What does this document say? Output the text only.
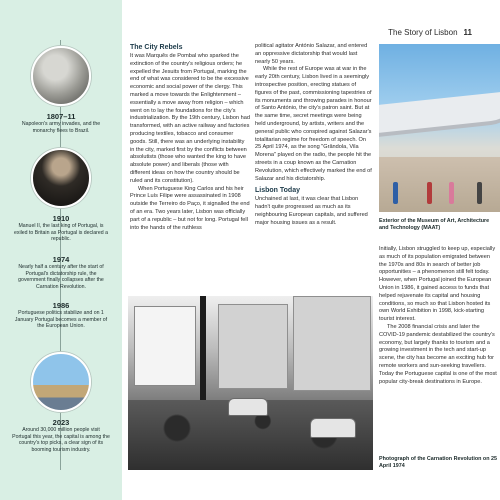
1807–11
Napoleon's army invades, and the monarchy flees to Brazil.
1910
Manuel II, the last king of Portugal, is exiled to Britain as Portugal is declared a republic.
1974
Nearly half a century after the start of Portugal's dictatorship rule, the government finally collapses after the Carnation Revolution.
1986
Portuguese politics stabilize and on 1 January Portugal becomes a member of the European Union.
2023
Around 30,000 million people visit Portugal this year, the capital is among the country's top picks, a clear sign of its booming tourism industry.
The Story of Lisbon 11
The City Rebels

It was Marquês de Pombal who sparked the extinction of the country's religious orders; he expelled the Jesuits from Portugal, marking the end of what was considered to be the excessive economic and social power of the clergy. This marked a move towards the Enlightenment – essentially a move away from religion – which went on to lay the foundations for the city's industrialization. By the 19th century, Lisbon had transformed, with an active railway and factories producing textiles, tobacco and consumer goods. Still, there was an underlying instability in the city, marked first by the conflicts between absolutists (those who wanted the king to have absolute power) and liberals (those with different ideas on how the country should be ruled and its constitution).

When Portuguese King Carlos and his heir Prince Luís Filipe were assassinated in 1908 outside the Terreiro do Paço, it signalled the end of an era. Two years later, Lisbon was officially part of a republic – but not for long. Portugal fell into the hands of the ruthless

political agitator António Salazar, and entered an oppressive dictatorship that would last nearly 50 years.

While the rest of Europe was at war in the early 20th century, Lisbon lived in a seemingly introspective position, erecting statues of figures of the past, commissioning tapestries of its monuments and throwing parades in honour of Santo António, the city's patron saint. But at the same time, secret meetings were being held underground, by artists, writers and the general public who conspired against Salazar's totalitarian regime for freedom of speech. On 25 April 1974, as the song "Grândola, Vila Morena" played on the radio, the people hit the streets in a coup known as the Carnation Revolution, which effectively marked the end of Salazar and his dictatorship.

Lisbon Today

Unchained at last, it was clear that Lisbon hadn't quite progressed as much as its neighbouring European capitals, and suffered major housing issues as a result.	Exterior of the Museum of Art, Architecture and Technology (MAAT)

Initially, Lisbon struggled to keep up, especially as much of its population emigrated between the 1970s and 80s in search of better job opportunities – a phenomenon still felt today. However, when Portugal joined the European Union in 1986, it gained access to funds that helped rejuvenate its capital and housing conditions, so much so that Lisbon hosted its own World Exhibition in 1998, kick-starting tourist interest.

The 2008 financial crisis and later the COVID-19 pandemic destabilized the country's economy, but largely thanks to tourism and a growing investment in the tech and start-up scene, the city has become an exciting hub for remote workers and sun-seeking travellers. Today the Portuguese capital is one of the most popular city-break destinations in Europe.

Photograph of the Carnation Revolution on 25 April 1974
